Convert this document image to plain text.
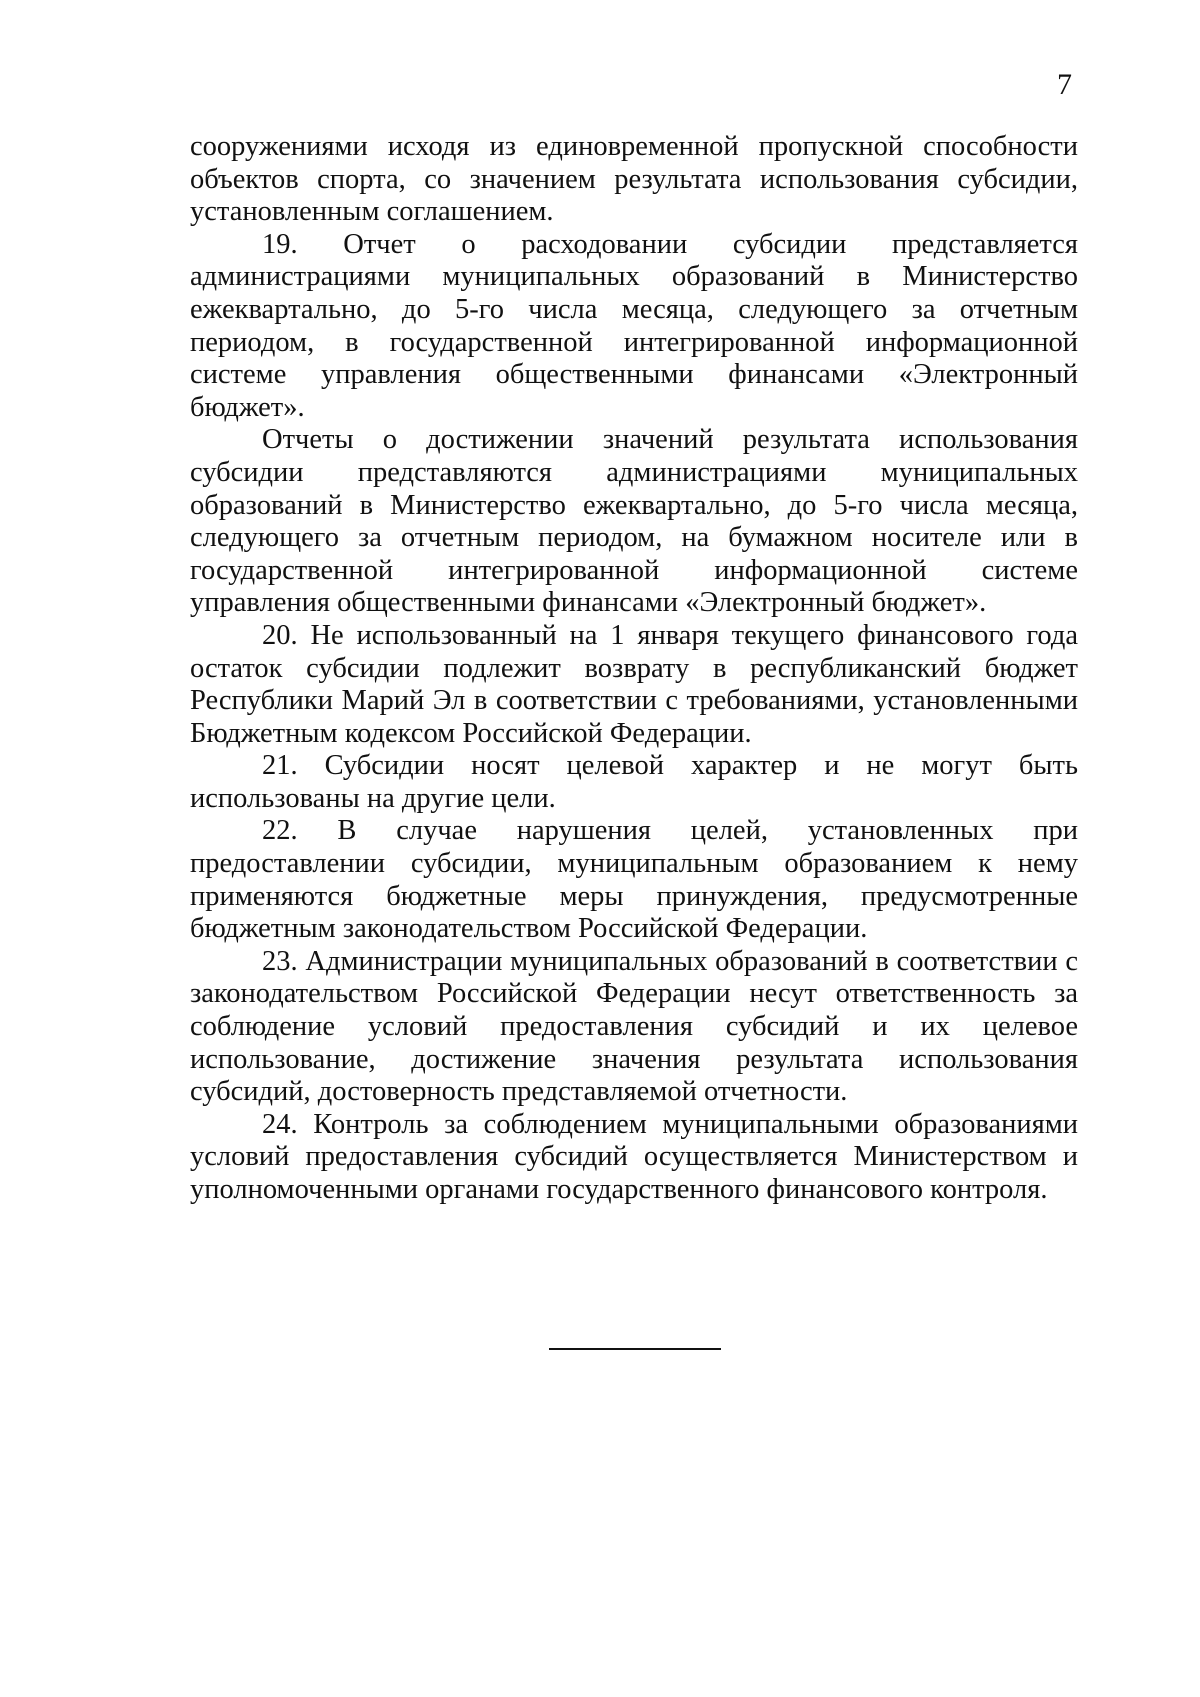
7

сооружениями исходя из единовременной пропускной способности объектов спорта, со значением результата использования субсидии, установленным соглашением.

19. Отчет о расходовании субсидии представляется администрациями муниципальных образований в Министерство ежеквартально, до 5-го числа месяца, следующего за отчетным периодом, в государственной интегрированной информационной системе управления общественными финансами «Электронный бюджет».

Отчеты о достижении значений результата использования субсидии представляются администрациями муниципальных образований в Министерство ежеквартально, до 5-го числа месяца, следующего за отчетным периодом, на бумажном носителе или в государственной интегрированной информационной системе управления общественными финансами «Электронный бюджет».

20. Не использованный на 1 января текущего финансового года остаток субсидии подлежит возврату в республиканский бюджет Республики Марий Эл в соответствии с требованиями, установленными Бюджетным кодексом Российской Федерации.

21. Субсидии носят целевой характер и не могут быть использованы на другие цели.

22. В случае нарушения целей, установленных при предоставлении субсидии, муниципальным образованием к нему применяются бюджетные меры принуждения, предусмотренные бюджетным законодательством Российской Федерации.

23. Администрации муниципальных образований в соответствии с законодательством Российской Федерации несут ответственность за соблюдение условий предоставления субсидий и их целевое использование, достижение значения результата использования субсидий, достоверность представляемой отчетности.

24. Контроль за соблюдением муниципальными образованиями условий предоставления субсидий осуществляется Министерством и уполномоченными органами государственного финансового контроля.
